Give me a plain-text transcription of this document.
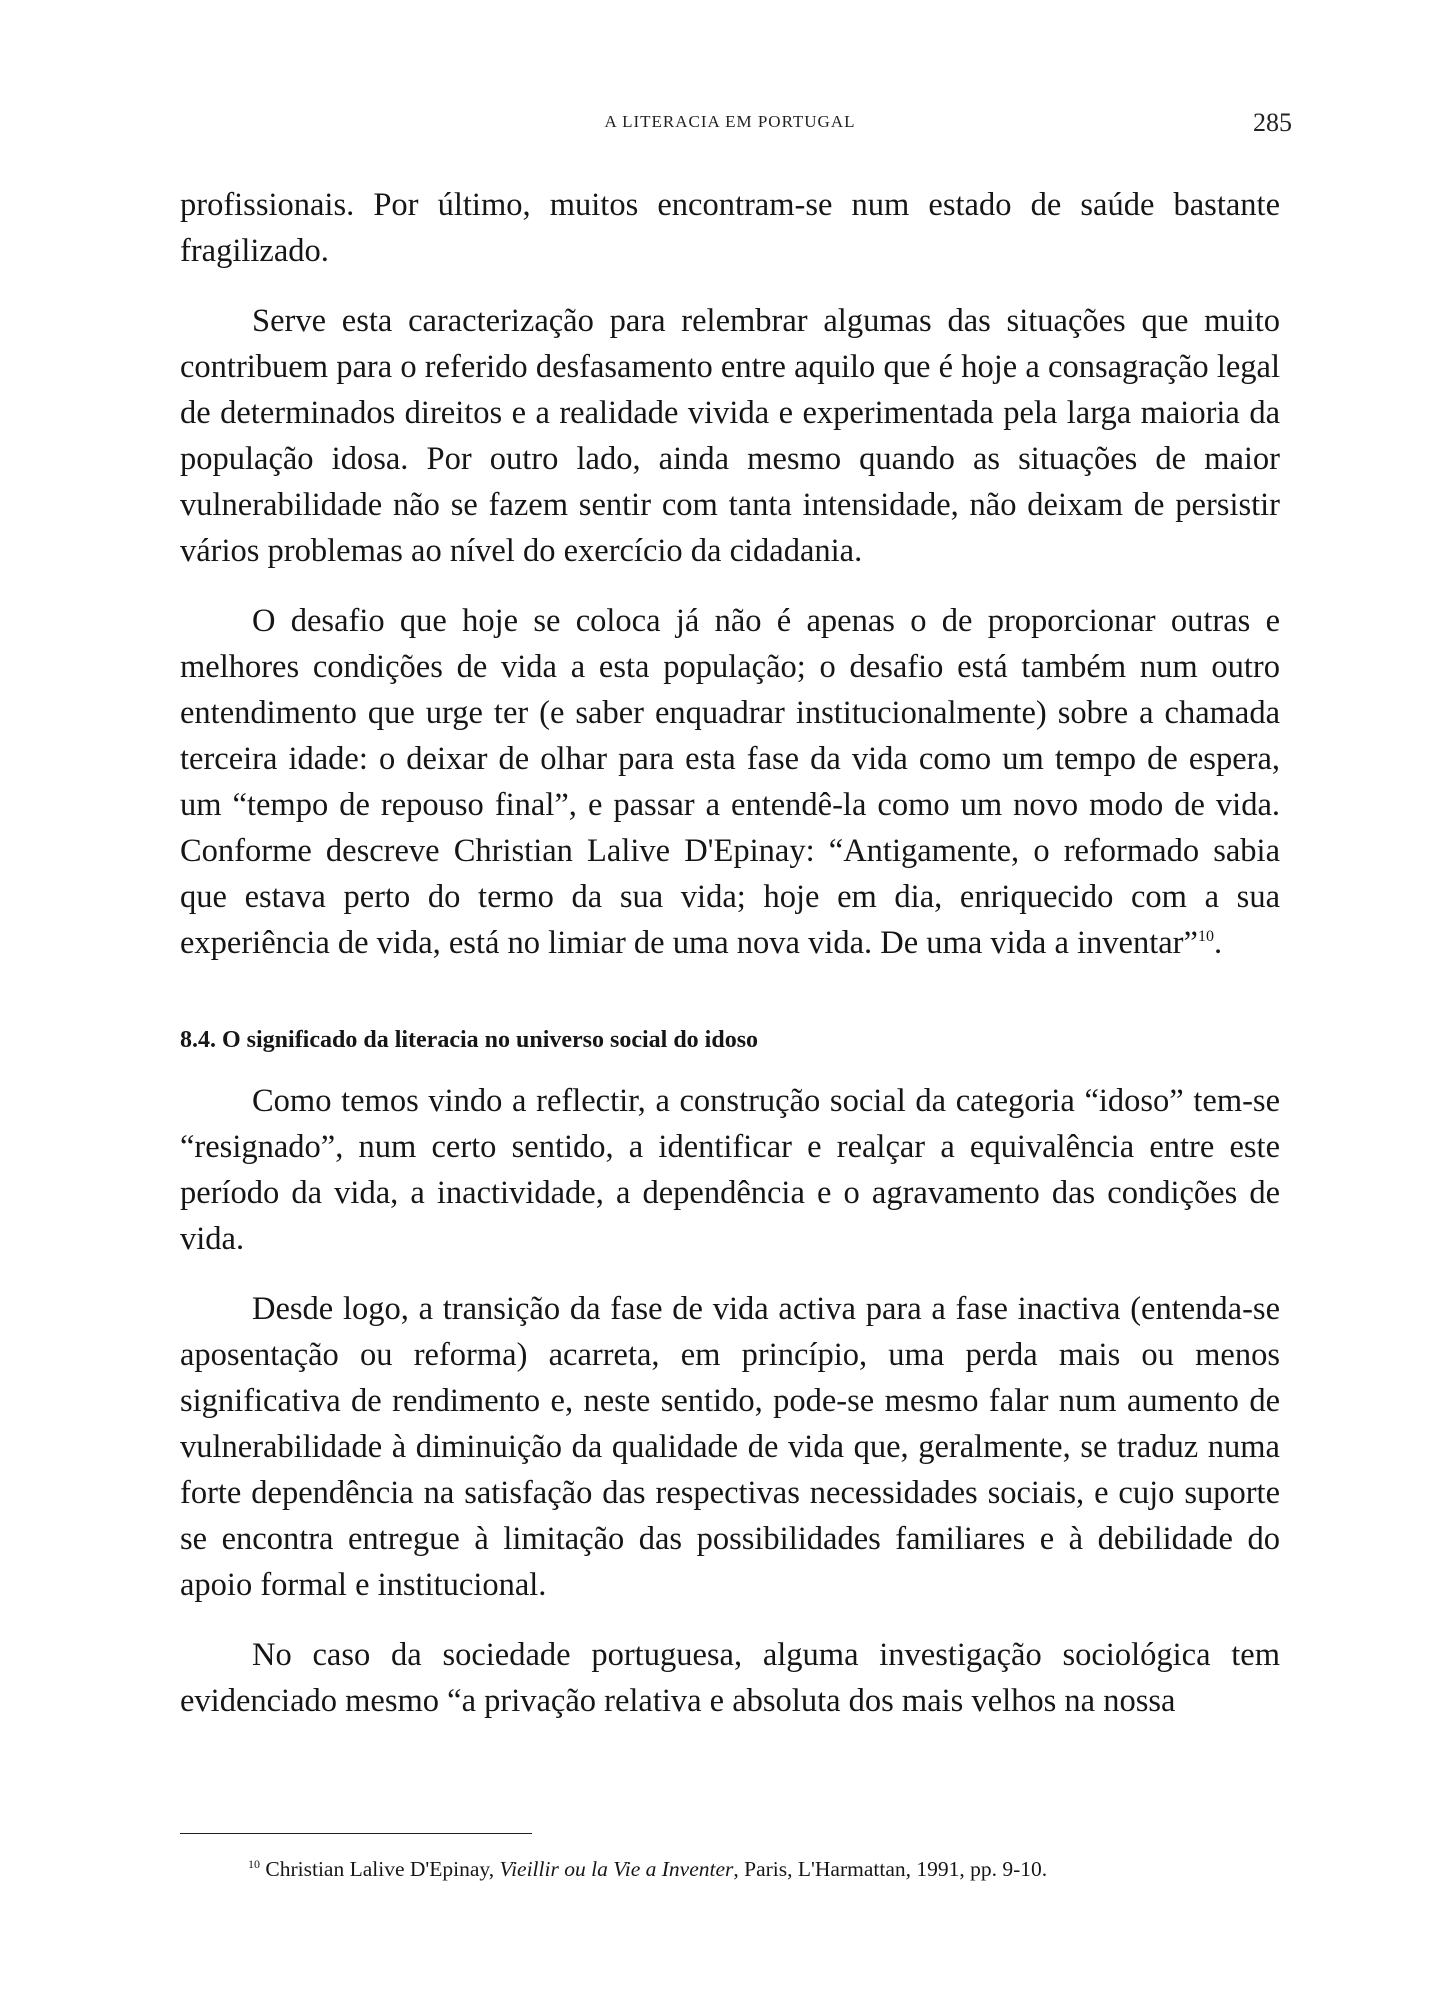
A LITERACIA EM PORTUGAL	285

profissionais. Por último, muitos encontram-se num estado de saúde bastante fragilizado.

Serve esta caracterização para relembrar algumas das situações que muito contribuem para o referido desfasamento entre aquilo que é hoje a consagração legal de determinados direitos e a realidade vivida e experimentada pela larga maioria da população idosa. Por outro lado, ainda mesmo quando as situações de maior vulnerabilidade não se fazem sentir com tanta intensidade, não deixam de persistir vários problemas ao nível do exercício da cidadania.

O desafio que hoje se coloca já não é apenas o de proporcionar outras e melhores condições de vida a esta população; o desafio está também num outro entendimento que urge ter (e saber enquadrar institucionalmente) sobre a chamada terceira idade: o deixar de olhar para esta fase da vida como um tempo de espera, um “tempo de repouso final”, e passar a entendê-la como um novo modo de vida. Conforme descreve Christian Lalive D'Epinay: “Antigamente, o reformado sabia que estava perto do termo da sua vida; hoje em dia, enriquecido com a sua experiência de vida, está no limiar de uma nova vida. De uma vida a inventar”$^{10}$.

8.4. O significado da literacia no universo social do idoso

Como temos vindo a reflectir, a construção social da categoria “idoso” tem-se “resignado”, num certo sentido, a identificar e realçar a equivalência entre este período da vida, a inactividade, a dependência e o agravamento das condições de vida.

Desde logo, a transição da fase de vida activa para a fase inactiva (entenda-se aposentação ou reforma) acarreta, em princípio, uma perda mais ou menos significativa de rendimento e, neste sentido, pode-se mesmo falar num aumento de vulnerabilidade à diminuição da qualidade de vida que, geralmente, se traduz numa forte dependência na satisfação das respectivas necessidades sociais, e cujo suporte se encontra entregue à limitação das possibilidades familiares e à debilidade do apoio formal e institucional.

No caso da sociedade portuguesa, alguma investigação sociológica tem evidenciado mesmo “a privação relativa e absoluta dos mais velhos na nossa

$^{10}$ Christian Lalive D'Epinay, Vieillir ou la Vie a Inventer, Paris, L'Harmattan, 1991, pp. 9-10.
